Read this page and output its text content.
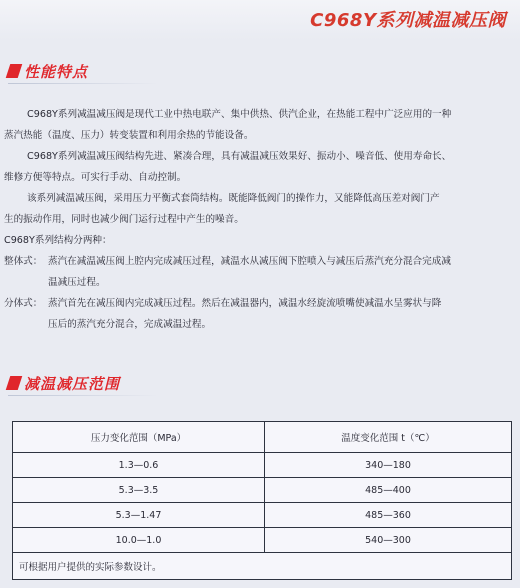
C968Y系列减温减压阀
性能特点

C968Y系列减温减压阀是现代工业中热电联产、集中供热、供汽企业，在热能工程中广泛应用的一种

蒸汽热能（温度、压力）转变装置和利用余热的节能设备。

C968Y系列减温减压阀结构先进、紧凑合理，具有减温减压效果好、振动小、噪音低、使用寿命长、

维修方便等特点。可实行手动、自动控制。

该系列减温减压阀，采用压力平衡式套筒结构。既能降低阀门的操作力，又能降低高压差对阀门产

生的振动作用，同时也减少阀门运行过程中产生的噪音。

C968Y系列结构分两种：

整体式： 蒸汽在减温减压阀上腔内完成减压过程，减温水从减压阀下腔喷入与减压后蒸汽充分混合完成减
温减压过程。
分体式： 蒸汽首先在减压阀内完成减压过程。然后在减温器内，减温水经旋流喷嘴使减温水呈雾状与降
压后的蒸汽充分混合，完成减温过程。
减温减压范围
压力变化范围（MPa）	温度变化范围 t（℃）
1.3—0.6	340—180
5.3—3.5	485—400
5.3—1.47	485—360
10.0—1.0	540—300
可根据用户提供的实际参数设计。	
